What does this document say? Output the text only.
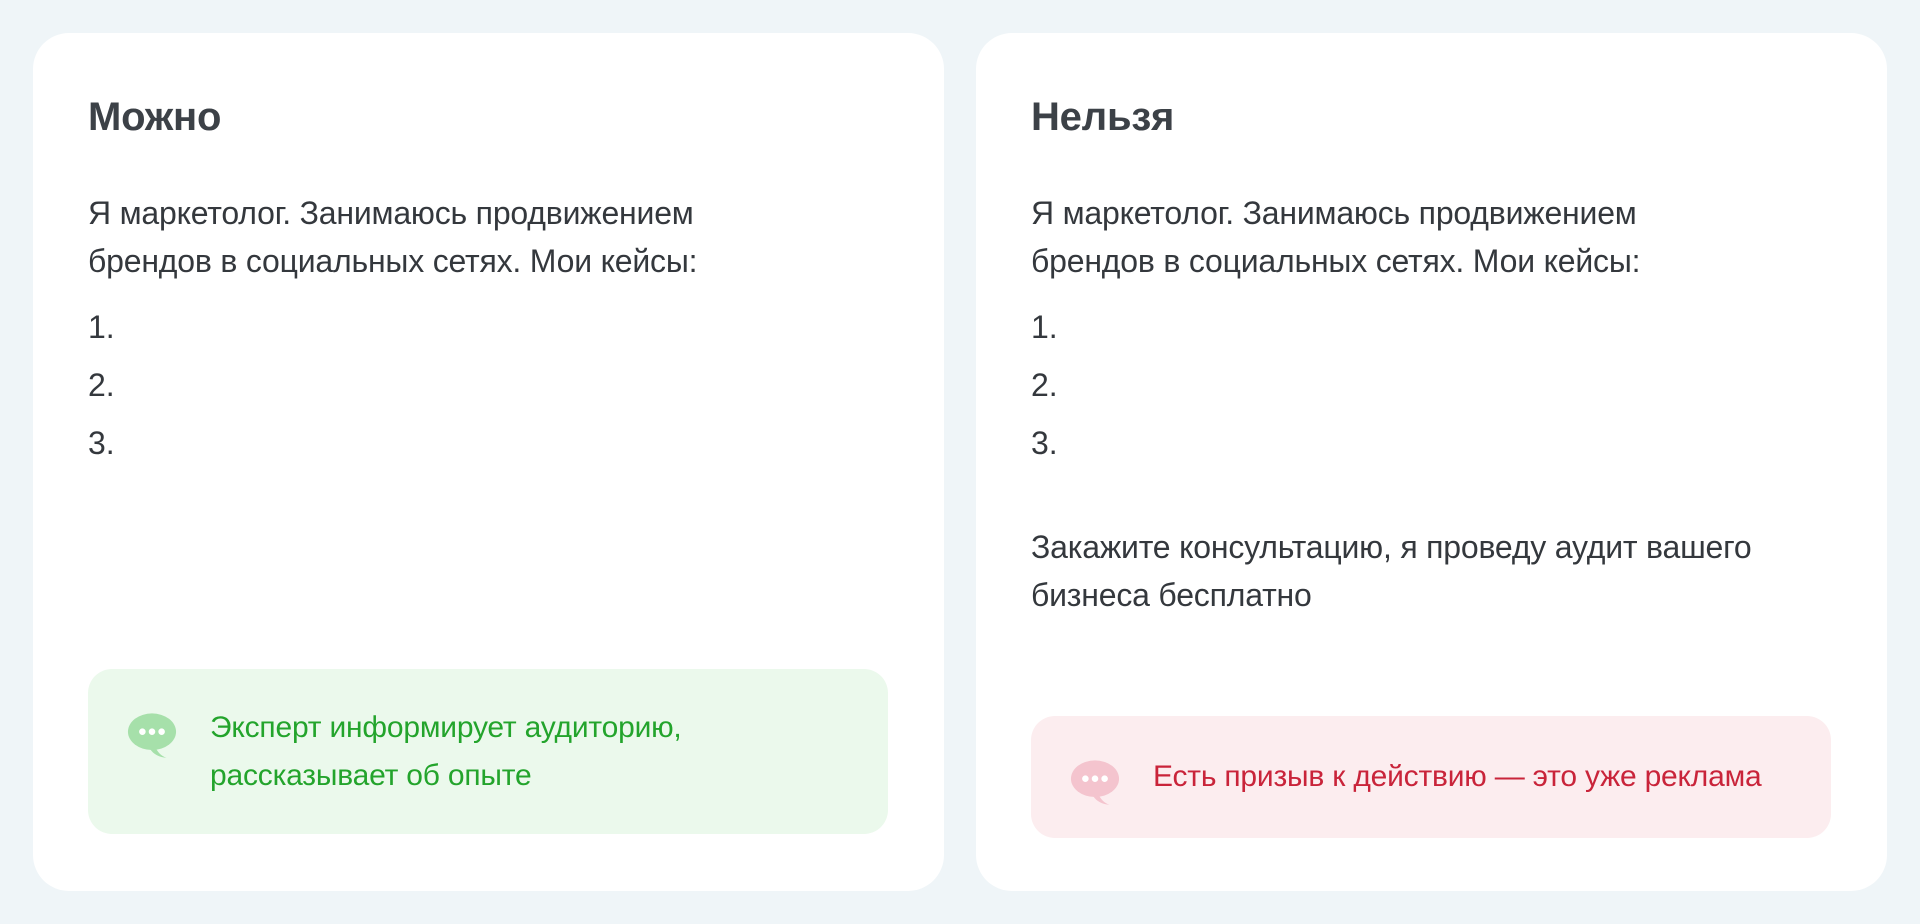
Можно

Я маркетолог. Занимаюсь продвижением брендов в социальных сетях. Мои кейсы:

1.

2.

3.

Эксперт информирует аудиторию, рассказывает об опыте
Нельзя

Я маркетолог. Занимаюсь продвижением брендов в социальных сетях. Мои кейсы:

1.

2.

3.

Закажите консультацию, я проведу аудит вашего бизнеса бесплатно

Есть призыв к действию — это уже реклама
